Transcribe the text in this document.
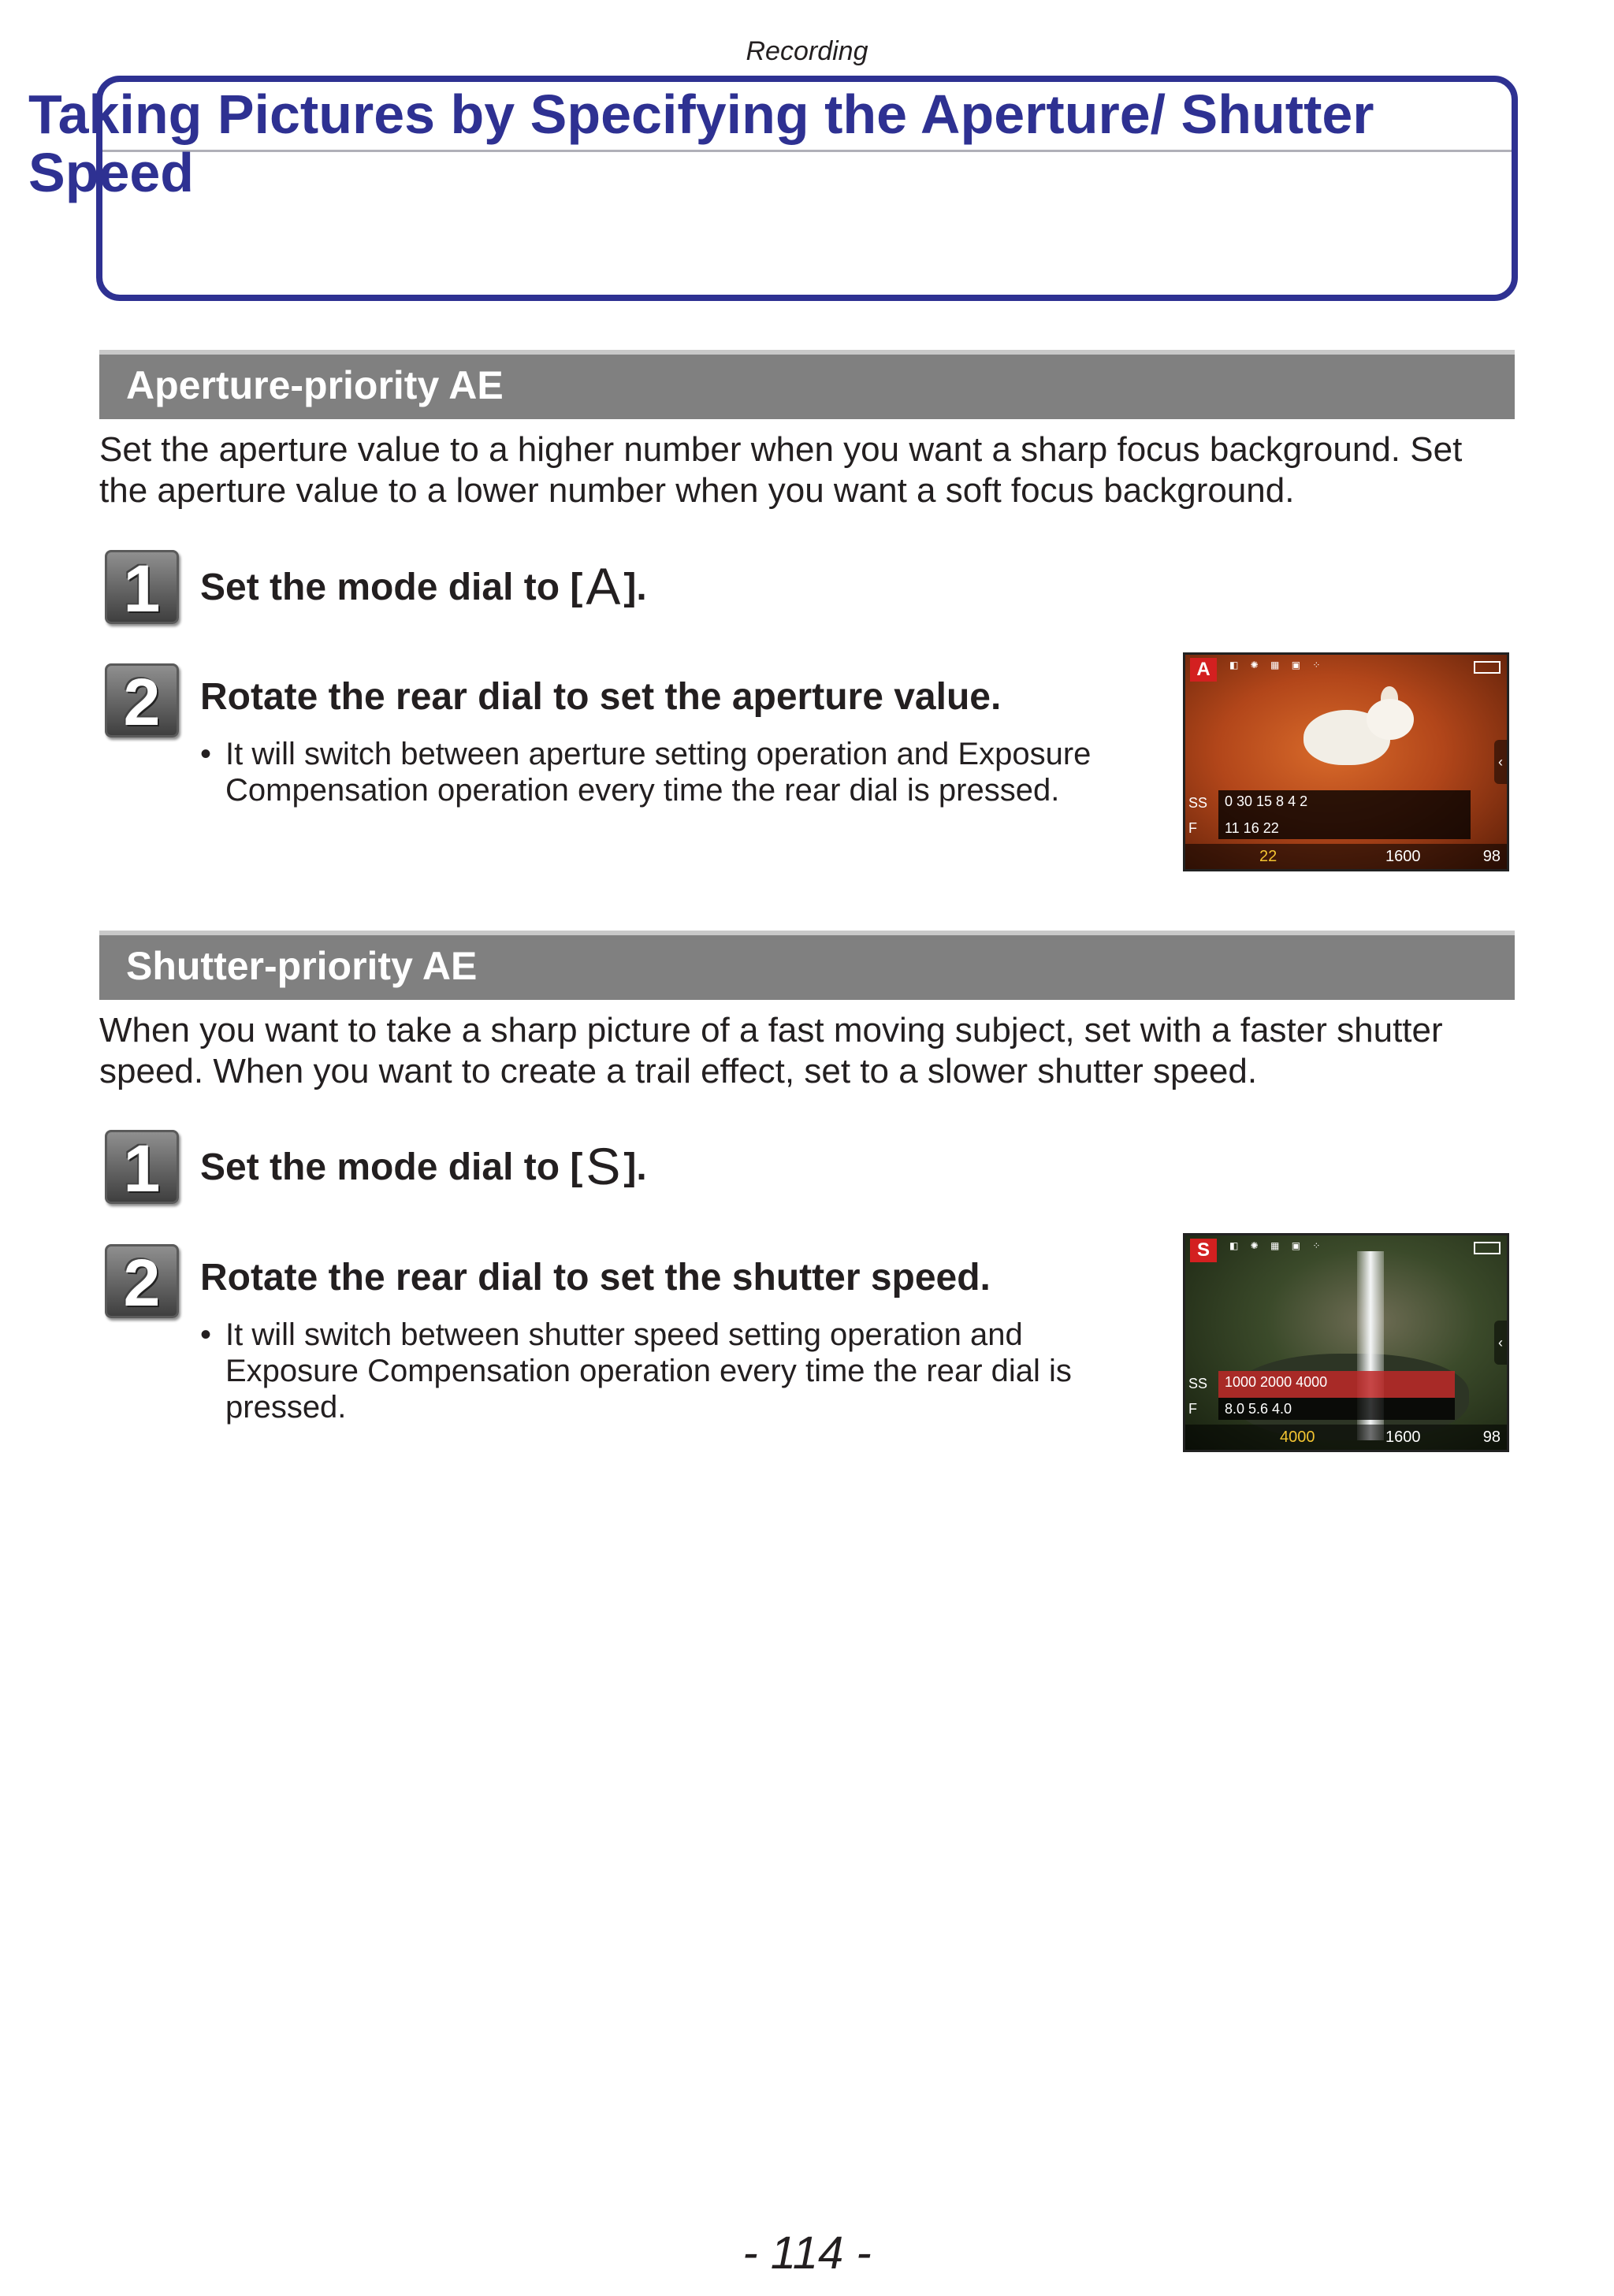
Recording
Taking Pictures by Specifying the Aperture/ Shutter Speed
Aperture-priority AE

Set the aperture value to a higher number when you want a sharp focus background. Set the aperture value to a lower number when you want a soft focus background.

1	Set the mode dial to [A].
2	Rotate the rear dial to set the aperture value.
• It will switch between aperture setting operation and Exposure Compensation operation every time the rear dial is pressed.
A	◧ ✺ ▦ ▣ ⁘
‹
SS	0 30 15 8 4 2
F	11 16 22
22	1600	98
Shutter-priority AE

When you want to take a sharp picture of a fast moving subject, set with a faster shutter speed. When you want to create a trail effect, set to a slower shutter speed.

1	Set the mode dial to [S].
2	Rotate the rear dial to set the shutter speed.
• It will switch between shutter speed setting operation and Exposure Compensation operation every time the rear dial is pressed.
S	◧ ✺ ▦ ▣ ⁘
‹
SS	1000 2000 4000
F	8.0 5.6 4.0
4000	1600	98
- 114 -
